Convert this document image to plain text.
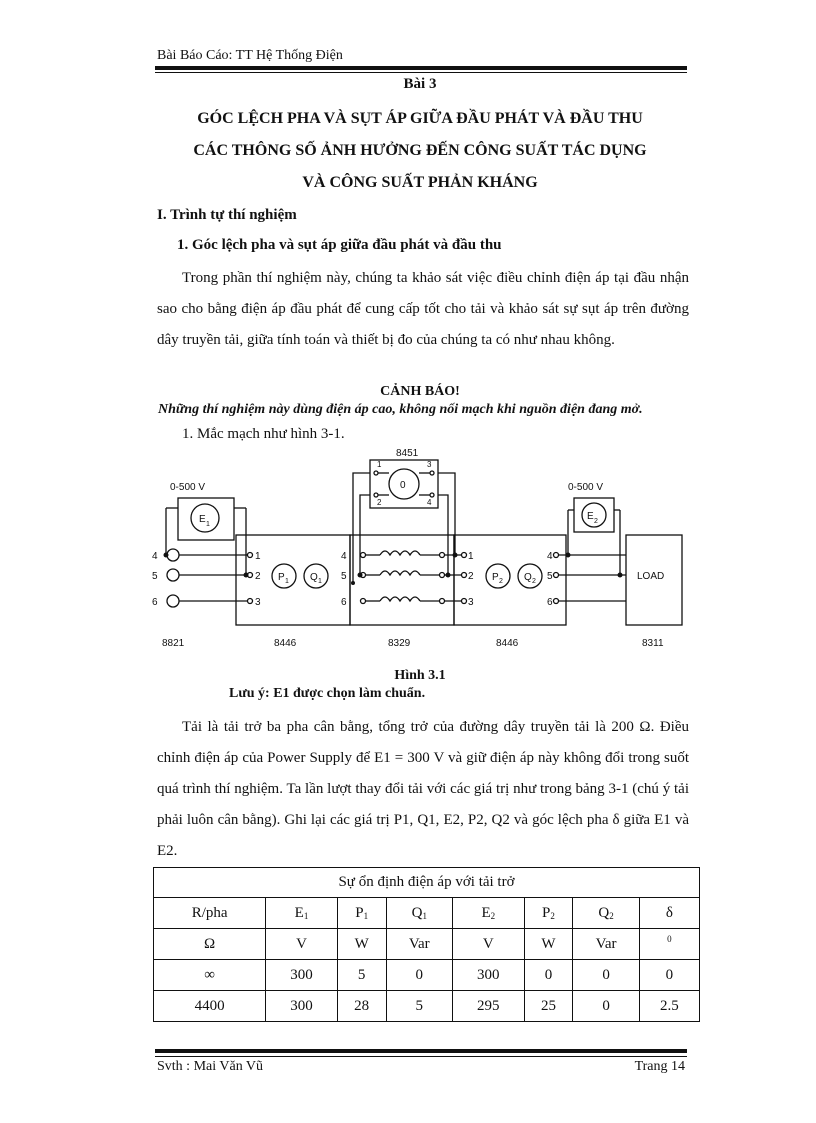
Bài Báo Cáo: TT Hệ Thống Điện
Bài 3
GÓC LỆCH PHA VÀ SỤT ÁP GIỮA ĐẦU PHÁT VÀ ĐẦU THU
CÁC THÔNG SỐ ẢNH HƯỞNG ĐẾN CÔNG SUẤT TÁC DỤNG
VÀ CÔNG SUẤT PHẢN KHÁNG
I. Trình tự thí nghiệm
1. Góc lệch pha và sụt áp giữa đầu phát và đầu thu
Trong phần thí nghiệm này, chúng ta khảo sát việc điều chỉnh điện áp tại đầu nhận sao cho bằng điện áp đầu phát để cung cấp tốt cho tải và khảo sát sự sụt áp trên đường dây truyền tải, giữa tính toán và thiết bị đo của chúng ta có như nhau không.
CẢNH BÁO!
Những thí nghiệm này dùng điện áp cao, không nối mạch khi nguồn điện đang mở.
1. Mắc mạch như hình 3-1.
8451
0
1
2
3
4
0-500 V	0-500 V
E 1
E 2
4
5
6
1
2
3
P 1 Q 1
4
5
6
1
2
3
P 2 Q 2
4
5
6
LOAD
8821	8446	8329	8446	8311
Hình 3.1
Lưu ý: E1 được chọn làm chuẩn.
Tải là tải trở ba pha cân bằng, tổng trở của đường dây truyền tải là 200 Ω. Điều chỉnh điện áp của Power Supply để E1 = 300 V và giữ điện áp này không đổi trong suốt quá trình thí nghiệm. Ta lần lượt thay đổi tải với các giá trị như trong bảng 3-1 (chú ý tải phải luôn cân bằng). Ghi lại các giá trị P1, Q1, E2, P2, Q2 và góc lệch pha δ giữa E1 và E2.
Sự ổn định điện áp với tải trở							
R/pha	$E_1$	$P_1$	$Q_1$	$E_2$	$P_2$	$Q_2$	δ
Ω	V	W	Var	V	W	Var	$^0$
∞	300	5	0	300	0	0	0
4400	300	28	5	295	25	0	2.5
Svth : Mai Văn Vũ	Trang 14
